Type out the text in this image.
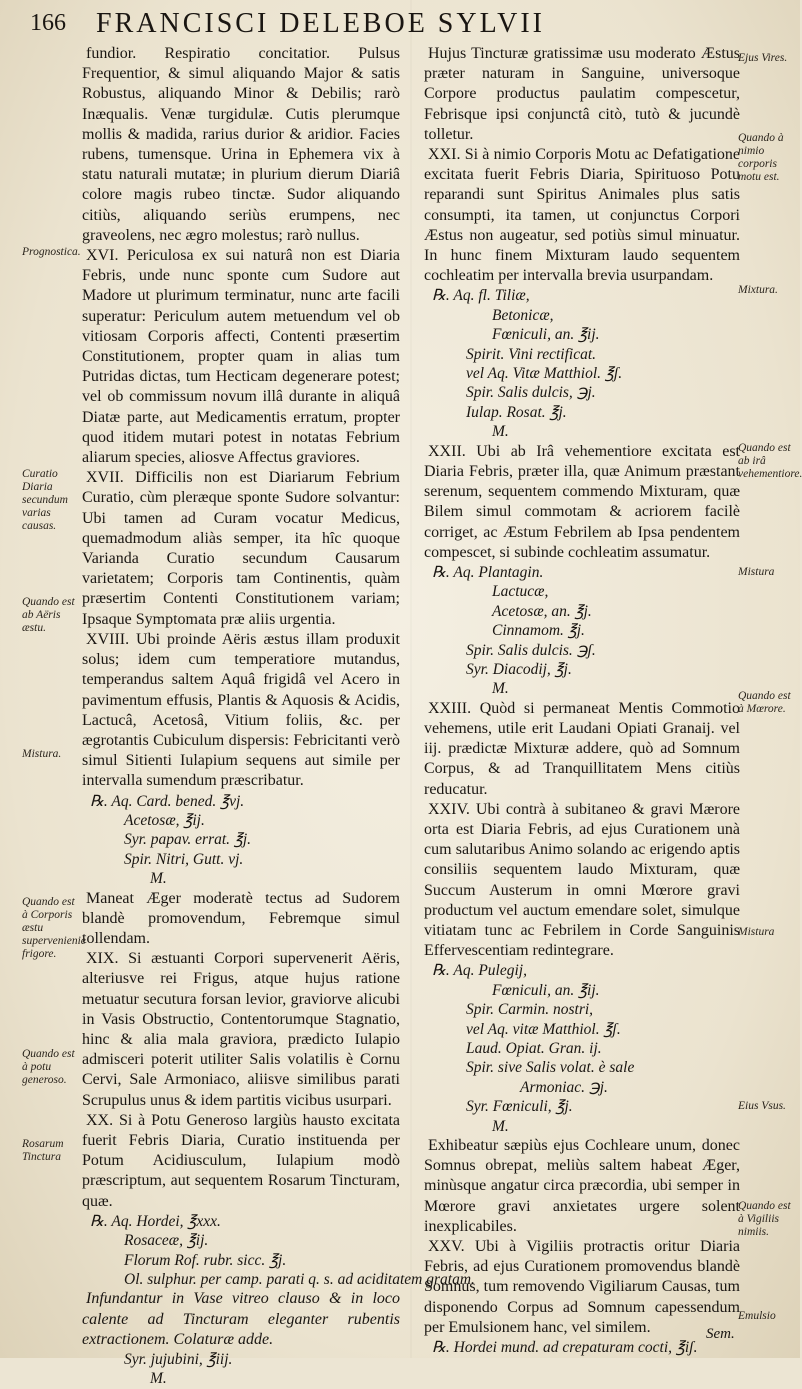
166 FRANCISCI DELEBOE SYLVII

fundior. Respiratio concitatior. Pulsus Frequentior, & simul aliquando Major & satis Robustus, aliquando Minor & Debilis; rarò Inæqualis. Venæ turgidulæ. Cutis plerumque mollis & madida, rarius durior & aridior. Facies rubens, tumensque. Urina in Ephemera vix à statu naturali mutatæ; in plurium dierum Diariâ colore magis rubeo tinctæ. Sudor aliquando citiùs, aliquando seriùs erumpens, nec graveolens, nec ægro molestus; rarò nullus.

XVI. Periculosa ex sui naturâ non est Diaria Febris, unde nunc sponte cum Sudore aut Madore ut plurimum terminatur, nunc arte facili superatur: Periculum autem metuendum vel ob vitiosam Corporis affecti, Contenti præsertim Constitutionem, propter quam in alias tum Putridas dictas, tum Hecticam degenerare potest; vel ob commissum novum illâ durante in aliquâ Diatæ parte, aut Medicamentis erratum, propter quod itidem mutari potest in notatas Febrium aliarum species, aliosve Affectus graviores.

XVII. Difficilis non est Diariarum Febrium Curatio, cùm pleræque sponte Sudore solvantur: Ubi tamen ad Curam vocatur Medicus, quemadmodum aliàs semper, ita hîc quoque Varianda Curatio secundum Causarum varietatem; Corporis tam Continentis, quàm præsertim Contenti Constitutionem variam; Ipsaque Symptomata præ aliis urgentia.

XVIII. Ubi proinde Aëris æstus illam produxit solus; idem cum temperatiore mutandus, temperandus saltem Aquâ frigidâ vel Acero in pavimentum effusis, Plantis & Aquosis & Acidis, Lactucâ, Acetosâ, Vitium foliis, &c. per ægrotantis Cubiculum dispersis: Febricitanti verò simul Sitienti Iulapium sequens aut simile per intervalla sumendum præscribatur.

℞. Aq. Card. bened. ℥vj.
Acetosæ, ℥ij.
Syr. papav. errat. ℥j.
Spir. Nitri, Gutt. vj.
M.

Maneat Æger moderatè tectus ad Sudorem blandè promovendum, Febremque simul tollendam.

XIX. Si æstuanti Corpori supervenerit Aëris, alteriusve rei Frigus, atque hujus ratione metuatur secutura forsan levior, graviorve alicubi in Vasis Obstructio, Contentorumque Stagnatio, hinc & alia mala graviora, prædicto Iulapio admisceri poterit utiliter Salis volatilis è Cornu Cervi, Sale Armoniaco, aliisve similibus parati Scrupulus unus & idem partitis vicibus usurpari.

XX. Si à Potu Generoso largiùs hausto excitata fuerit Febris Diaria, Curatio instituenda per Potum Acidiusculum, Iulapium modò præscriptum, aut sequentem Rosarum Tincturam, quæ.

℞. Aq. Hordei, ℥xxx.
Rosaceæ, ℥ij.
Florum Rof. rubr. sicc. ℥j.
Ol. sulphur. per camp. parati q. s. ad aciditatem gratam.

Infundantur in Vase vitreo clauso & in loco calente ad Tincturam eleganter rubentis extractionem. Colaturæ adde.

Syr. jujubini, ℥iij.
M.

Hujus Tincturæ gratissimæ usu moderato Æstus præter naturam in Sanguine, universoque Corpore productus paulatim compescetur, Febrisque ipsi conjunctâ citò, tutò & jucundè tolletur.

XXI. Si à nimio Corporis Motu ac Defatigatione excitata fuerit Febris Diaria, Spirituoso Potu reparandi sunt Spiritus Animales plus satis consumpti, ita tamen, ut conjunctus Corpori Æstus non augeatur, sed potiùs simul minuatur. In hunc finem Mixturam laudo sequentem cochleatim per intervalla brevia usurpandam.

℞. Aq. fl. Tiliæ,
Betonicæ,
Fœniculi, an. ℥ij.
Spirit. Vini rectificat.
vel Aq. Vitæ Matthiol. ℥ʃ.
Spir. Salis dulcis, ℈j.
Iulap. Rosat. ℥j.
M.

XXII. Ubi ab Irâ vehementiore excitata est Diaria Febris, præter illa, quæ Animum præstant serenum, sequentem commendo Mixturam, quæ Bilem simul commotam & acriorem facilè corriget, ac Æstum Febrilem ab Ipsa pendentem compescet, si subinde cochleatim assumatur.

℞. Aq. Plantagin.
Lactucæ,
Acetosæ, an. ℥j.
Cinnamom. ℥j.
Spir. Salis dulcis. ℈ʃ.
Syr. Diacodij, ℥j.
M.

XXIII. Quòd si permaneat Mentis Commotio vehemens, utile erit Laudani Opiati Granaij. vel iij. prædictæ Mixturæ addere, quò ad Somnum Corpus, & ad Tranquillitatem Mens citiùs reducatur.

XXIV. Ubi contrà à subitaneo & gravi Mærore orta est Diaria Febris, ad ejus Curationem unà cum salutaribus Animo solando ac erigendo aptis consiliis sequentem laudo Mixturam, quæ Succum Austerum in omni Mœrore gravi productum vel auctum emendare solet, simulque vitiatam tunc ac Febrilem in Corde Sanguinis Effervescentiam redintegrare.

℞. Aq. Pulegij,
Fœniculi, an. ℥ij.
Spir. Carmin. nostri,
vel Aq. vitæ Matthiol. ℥ʃ.
Laud. Opiat. Gran. ij.
Spir. sive Salis volat. è sale
Armoniac. ℈j.
Syr. Fœniculi, ℥j.
M.

Exhibeatur sæpiùs ejus Cochleare unum, donec Somnus obrepat, meliùs saltem habeat Æger, minùsque angatur circa præcordia, ubi semper in Mœrore gravi anxietates urgere solent inexplicabiles.

XXV. Ubi à Vigiliis protractis oritur Diaria Febris, ad ejus Curationem promovendus blandè Somnus, tum removendo Vigiliarum Causas, tum disponendo Corpus ad Somnum capessendum per Emulsionem hanc, vel similem.

℞. Hordei mund. ad crepaturam cocti, ℥iʃ.
Prognostica.
Curatio Diaria secundum varias causas.
Quando est ab Aëris æstu.
Mistura.
Quando est à Corporis æstu supervenienie frigore.
Quando est à potu generoso.
Rosarum Tinctura
Ejus Vires.
Quando à nimio corporis motu est.
Mixtura.
Quando est ab irâ vehementiore.
Mistura
Quando est à Mœrore.
Mistura
Eius Vsus.
Quando est à Vigiliis nimiis.
Emulsio
Sem.
